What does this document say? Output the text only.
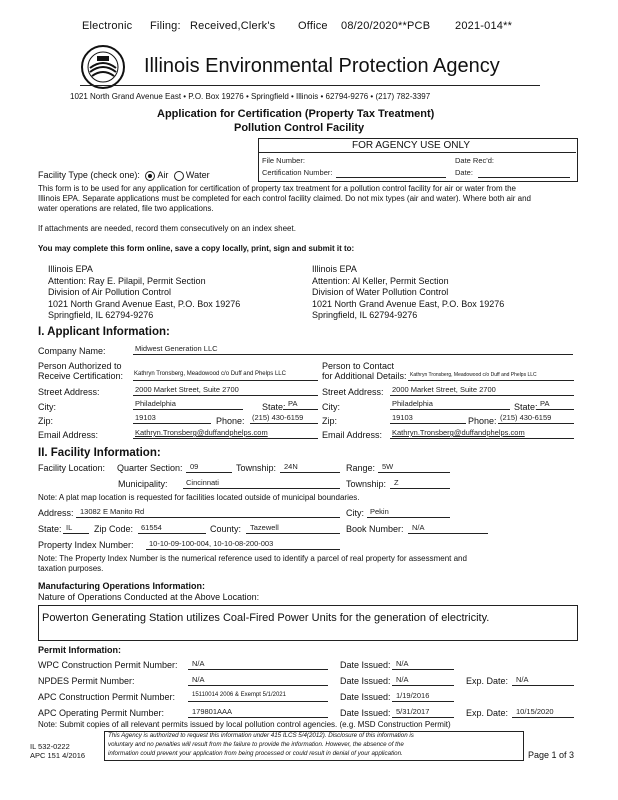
Electronic Filing: Received,Clerk's Office 08/20/2020**PCB 2021-014**
Illinois Environmental Protection Agency
1021 North Grand Avenue East • P.O. Box 19276 • Springfield • Illinois • 62794-9276 • (217) 782-3397
Application for Certification (Property Tax Treatment)
Pollution Control Facility
FOR AGENCY USE ONLY
File Number:	Date Rec'd:
Certification Number:	Date:
Facility Type (check one): Air Water
This form is to be used for any application for certification of property tax treatment for a pollution control facility for air or water from the
Illinois EPA. Separate applications must be completed for each control facility claimed. Do not mix types (air and water). Where both air and
water operations are related, file two applications.
If attachments are needed, record them consecutively on an index sheet.
You may complete this form online, save a copy locally, print, sign and submit it to:
Illinois EPA
Attention: Ray E. Pilapil, Permit Section
Division of Air Pollution Control
1021 North Grand Avenue East, P.O. Box 19276
Springfield, IL 62794-9276
Illinois EPA
Attention: Al Keller, Permit Section
Division of Water Pollution Control
1021 North Grand Avenue East, P.O. Box 19276
Springfield, IL 62794-9276
I. Applicant Information:
Company Name:	Midwest Generation LLC
Person Authorized to
Receive Certification: Kathryn Tronsberg, Meadowood c/o Duff and Phelps LLC
Person to Contact
for Additional Details: Kathryn Tronsberg, Meadowood c/o Duff and Phelps LLC
Street Address:	2000 Market Street, Suite 2700	Street Address: 2000 Market Street, Suite 2700
City:	Philadelphia	State: PA	City:	Philadelphia	State: PA
Zip:	19103	Phone: (215) 430-6159 Zip:	19103	Phone: (215) 430-6159
Email Address:	Kathryn.Tronsberg@duffandphelps.com	Email Address: Kathryn.Tronsberg@duffandphelps.com
II. Facility Information:
Facility Location: Quarter Section: 09	Township: 24N	Range: 5W
Municipality: Cincinnati	Township: Z
Note: A plat map location is requested for facilities located outside of municipal boundaries.
Address: 13082 E Manito Rd	City: Pekin
State: IL Zip Code: 61554	County: Tazewell	Book Number: N/A
Property Index Number: 10-10-09-100-004, 10-10-08-200-003
Note: The Property Index Number is the numerical reference used to identify a parcel of real property for assessment and
taxation purposes.
Manufacturing Operations Information:
Nature of Operations Conducted at the Above Location:
Powerton Generating Station utilizes Coal-Fired Power Units for the generation of electricity.
Permit Information:
WPC Construction Permit Number: N/A	Date Issued: N/A
NPDES Permit Number:	N/A	Date Issued: N/A	Exp. Date: N/A
APC Construction Permit Number:	15110014 2006 & Exempt 5/1/2021	Date Issued: 1/19/2016
APC Operating Permit Number:	179801AAA	Date Issued: 5/31/2017	Exp. Date: 10/15/2020
Note: Submit copies of all relevant permits issued by local pollution control agencies. (e.g. MSD Construction Permit)
IL 532-0222
APC 151 4/2016
This Agency is authorized to request this information under 415 ILCS 5/4(2012). Disclosure of this information is
voluntary and no penalties will result from the failure to provide the information. However, the absence of the
information could prevent your application from being processed or could result in denial of your application.	Page 1 of 3
